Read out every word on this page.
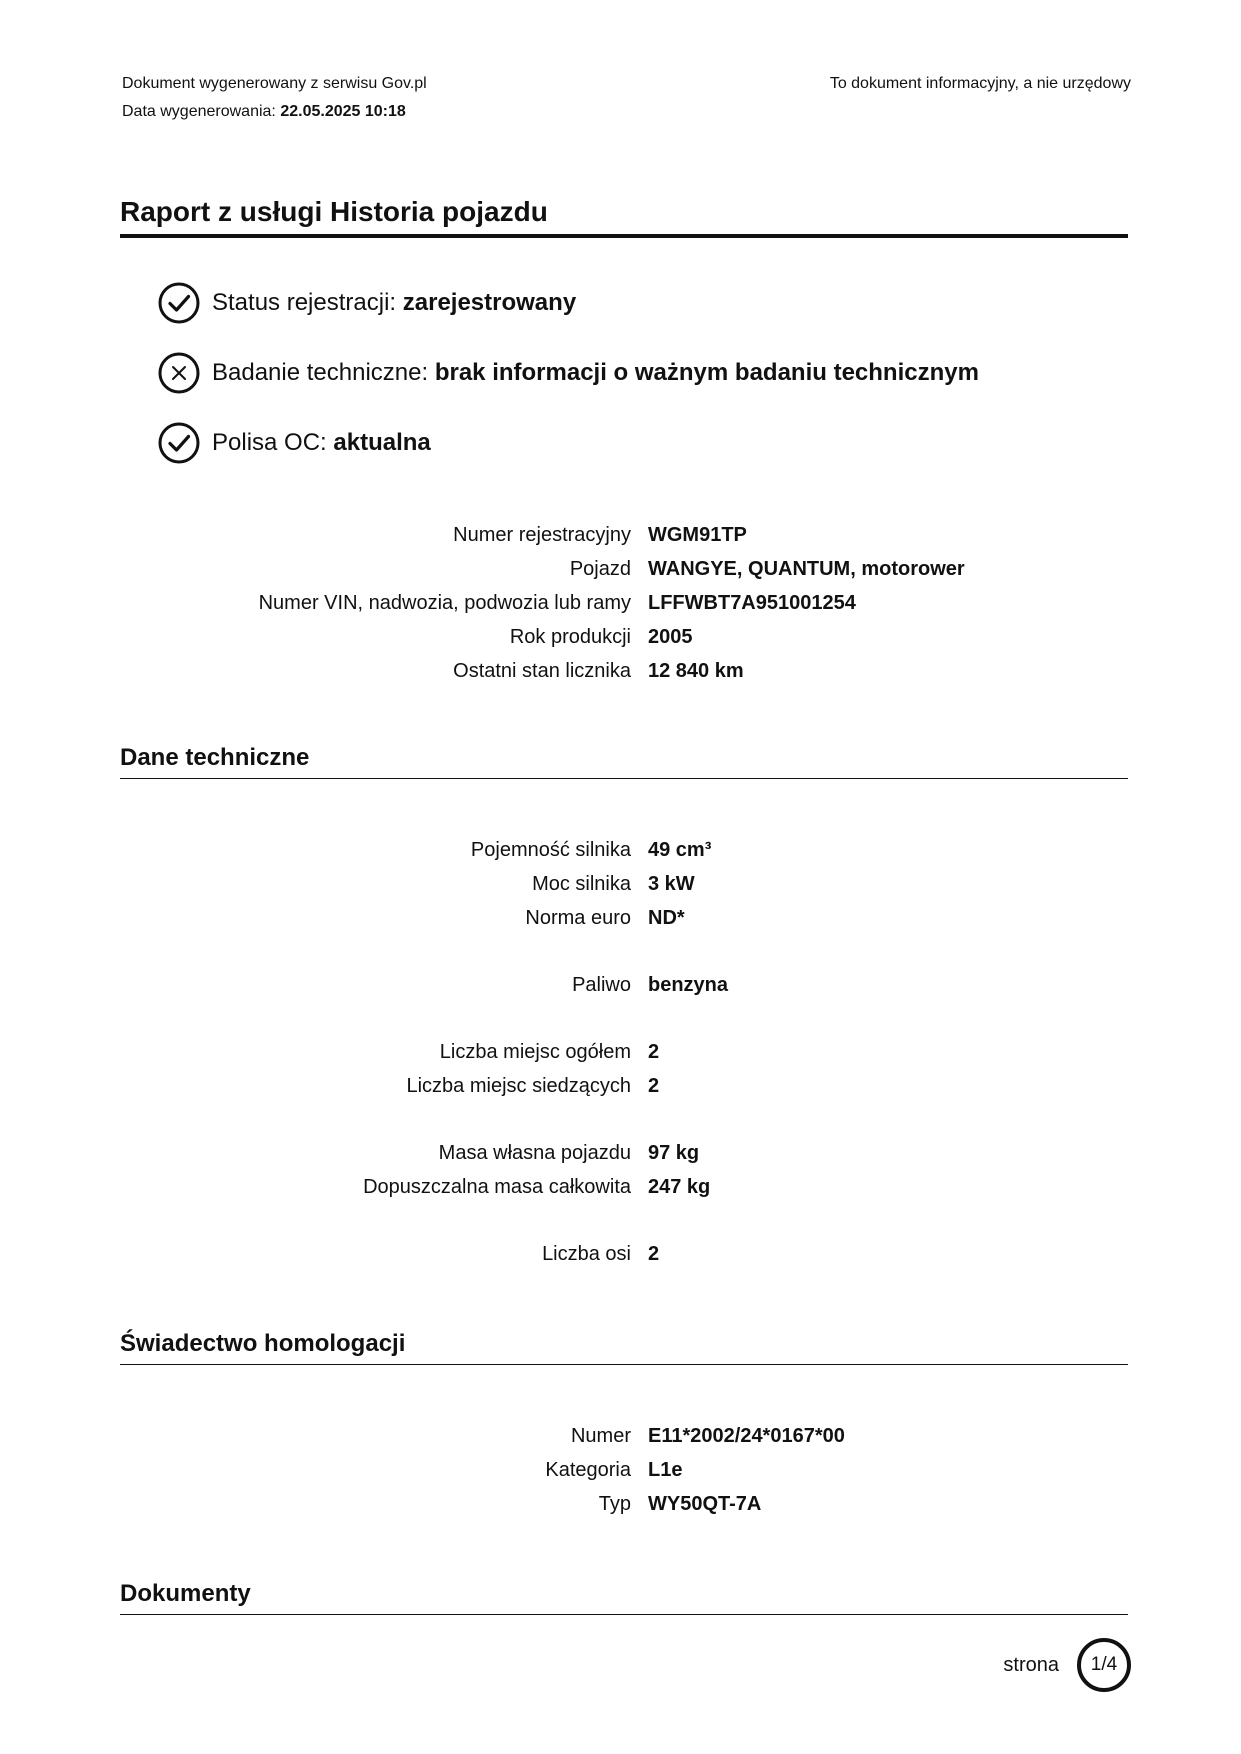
Dokument wygenerowany z serwisu Gov.pl
Data wygenerowania: 22.05.2025 10:18
To dokument informacyjny, a nie urzędowy
Raport z usługi Historia pojazdu
Status rejestracji:
zarejestrowany
Badanie techniczne:
brak informacji o ważnym badaniu technicznym
Polisa OC:
aktualna
Numer rejestracyjny WGM91TP
Pojazd WANGYE, QUANTUM, motorower
Numer VIN, nadwozia, podwozia lub ramy LFFWBT7A951001254
Rok produkcji 2005
Ostatni stan licznika 12 840 km
Dane techniczne
Pojemność silnika 49 cm³
Moc silnika 3 kW
Norma euro ND*
Paliwo benzyna
Liczba miejsc ogółem 2
Liczba miejsc siedzących 2
Masa własna pojazdu 97 kg
Dopuszczalna masa całkowita 247 kg
Liczba osi 2
Świadectwo homologacji
Numer E11*2002/24*0167*00
Kategoria L1e
Typ WY50QT-7A
Dokumenty
strona	1/4
